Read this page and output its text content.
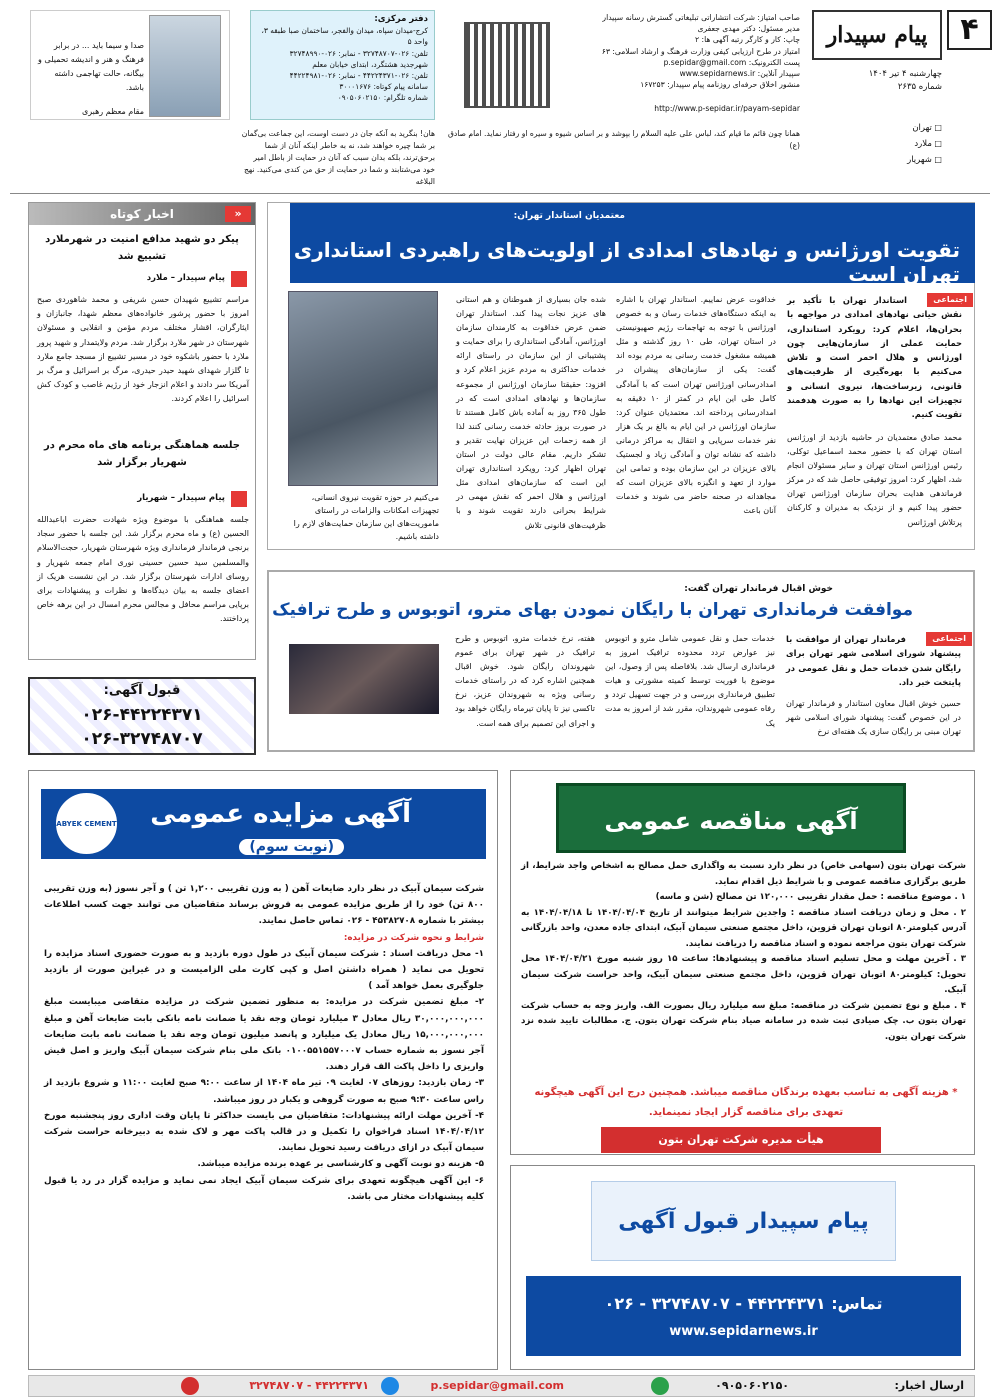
۴
پیام سپیدار
چهارشنبه ۴ تیر ۱۴۰۴
شماره ۲۶۳۵
□ تهران
□ ملارد
□ شهریار
صاحب امتیاز: شرکت انتشاراتی تبلیغاتی گسترش رسانه سپیدار
مدیر مسئول: دکتر مهدی جعفری
چاپ: کار و کارگر رتبه آگهی ها: ۲
امتیاز در طرح ارزیابی کیفی وزارت فرهنگ و ارشاد اسلامی: ۶۳
پست الکترونیک: p.sepidar@gmail.com
سپیدار آنلاین: www.sepidarnews.ir
منشور اخلاق حرفه‌ای روزنامه پیام سپیدار: ۱۶۷۲۵۳
http://www.p-sepidar.ir/payam-sepidar
دفتر مرکزی:
کرج-میدان سپاه، میدان والفجر، ساختمان صبا طبقه ۳، واحد ۵
تلفن: ۰۲۶-۳۲۷۴۸۷۰۷ - نمابر: ۰۲۶-۳۲۷۴۸۹۹۰
شهرجدید هشتگرد، ابتدای خیابان معلم
تلفن: ۰۲۶-۴۴۲۲۴۳۷۱ - نمابر: ۰۲۶-۴۴۲۲۴۹۸۱
سامانه پیام کوتاه: ۳۰۰۰۱۶۷۶
شماره تلگرام: ۰۹۰۵۰۶۰۲۱۵۰
صدا و سیما باید ... در برابر فرهنگ و هنر و اندیشه تحمیلی و بیگانه، حالت تهاجمی داشته باشد.
مقام معظم رهبری
هان! بنگرید به آنکه جان در دست اوست، این جماعت بی‌گمان بر شما چیره خواهند شد، نه به خاطر اینکه آنان از شما برحق‌ترند، بلکه بدان سبب که آنان در حمایت از باطل امیر خود می‌شتابند و شما در حمایت از حق من کندی می‌کنید. نهج البلاغه
همانا چون قائم ما قیام کند، لباس علی علیه السلام را بپوشد و بر اساس شیوه و سیره او رفتار نماید. امام صادق (ع)
«
اخبار کوتاه
پیکر دو شهید مدافع امنیت در شهرملارد تشییع شد
پیام سپیدار – ملارد
مراسم تشییع شهیدان حسن شریفی و محمد شاهوردی صبح امروز با حضور پرشور خانواده‌های معظم شهدا، جانبازان و ایثارگران، اقشار مختلف مردم مؤمن و انقلابی و مسئولان شهرستان در شهر ملارد برگزار شد. مردم ولایتمدار و شهید پرور ملارد با حضور باشکوه خود در مسیر تشییع از مسجد جامع ملارد تا گلزار شهدای شهید حیدر حیدری، مرگ بر اسرائیل و مرگ بر آمریکا سر دادند و اعلام انزجار خود از رژیم غاصب و کودک کش اسرائیل را اعلام کردند.
جلسه هماهنگی برنامه های ماه محرم در شهریار برگزار شد
پیام سپیدار – شهریار
جلسه هماهنگی با موضوع ویژه شهادت حضرت اباعبدالله الحسین (ع) و ماه محرم برگزار شد. این جلسه با حضور سجاد برنجی فرماندار فرمانداری ویژه شهرستان شهریار، حجت‌الاسلام والمسلمین سید حسین حسینی نوری امام جمعه شهریار و روسای ادارات شهرستان برگزار شد. در این نشست هریک از اعضای جلسه به بیان دیدگاه‌ها و نظرات و پیشنهادات برای برپایی مراسم محافل و مجالس محرم امسال در این برهه خاص پرداختند.
قبول آگهی:
۰۲۶-۴۴۲۲۴۳۷۱
۰۲۶-۳۲۷۴۸۷۰۷
معتمدیان استاندار تهران:
تقویت اورژانس و نهادهای امدادی از اولویت‌های راهبردی استانداری تهران است
اجتماعی
استاندار تهران با تأکید بر نقش حیاتی نهادهای امدادی در مواجهه با بحران‌ها، اعلام کرد: رویکرد استانداری، حمایت عملی از سازمان‌هایی چون اورژانس و هلال احمر است و تلاش می‌کنیم با بهره‌گیری از ظرفیت‌های قانونی، زیرساخت‌ها، نیروی انسانی و تجهیزات این نهادها را به صورت هدفمند تقویت کنیم.
محمد صادق معتمدیان در حاشیه بازدید از اورژانس استان تهران که با حضور محمد اسماعیل توکلی، رئیس اورژانس استان تهران و سایر مسئولان انجام شد، اظهار کرد: امروز توفیقی حاصل شد که در مرکز فرماندهی هدایت بحران سازمان اورژانس تهران حضور پیدا کنیم و از نزدیک به مدیران و کارکنان پرتلاش اورژانس
خداقوت عرض نماییم. استاندار تهران با اشاره به اینکه دستگاه‌های خدمات رسان و به خصوص اورژانس با توجه به تهاجمات رژیم صهیونیستی در استان تهران، طی ۱۰ روز گذشته و مثل همیشه مشغول خدمت رسانی به مردم بوده اند گفت: یکی از سازمان‌های پیشران در امدادرسانی اورژانس تهران است که با آمادگی کامل طی این ایام در کمتر از ۱۰ دقیقه به امدادرسانی پرداخته اند. معتمدیان عنوان کرد: سازمان اورژانس در این ایام به بالغ بر یک هزار نفر خدمات سرپایی و انتقال به مراکز درمانی داشته که نشانه توان و آمادگی زیاد و لجستیک بالای عزیزان در این سازمان بوده و تمامی این موارد از تعهد و انگیزه بالای عزیزان است که مجاهدانه در صحنه حاضر می شوند و خدمات آنان باعث
شده جان بسیاری از هموطنان و هم استانی های عزیز نجات پیدا کند. استاندار تهران ضمن عرض خداقوت به کارمندان سازمان اورژانس، آمادگی استانداری را برای حمایت و پشتیبانی از این سازمان در راستای ارائه خدمات حداکثری به مردم عزیز اعلام کرد و افزود: حقیقتا سازمان اورژانس از مجموعه سازمان‌ها و نهادهای امدادی است که در طول ۳۶۵ روز به آماده باش کامل هستند تا در صورت بروز حادثه خدمت رسانی کنند لذا از همه زحمات این عزیزان نهایت تقدیر و تشکر داریم. مقام عالی دولت در استان تهران اظهار کرد: رویکرد استانداری تهران این است که سازمان‌های امدادی مثل اورژانس و هلال احمر که نقش مهمی در شرایط بحرانی دارند تقویت شوند و با ظرفیت‌های قانونی تلاش
می‌کنیم در حوزه تقویت نیروی انسانی، تجهیزات امکانات والزامات در راستای ماموریت‌های این سازمان حمایت‌های لازم را داشته باشیم.
خوش اقبال فرماندار تهران گفت:
موافقت فرمانداری تهران با رایگان نمودن بهای مترو، اتوبوس و طرح ترافیک
اجتماعی
فرماندار تهران از موافقت با پیشنهاد شورای اسلامی شهر تهران برای رایگان شدن خدمات حمل و نقل عمومی در پایتخت خبر داد.
حسین خوش اقبال معاون استاندار و فرماندار تهران در این خصوص گفت: پیشنهاد شورای اسلامی شهر تهران مبنی بر رایگان سازی یک هفته‌ای نرخ
خدمات حمل و نقل عمومی شامل مترو و اتوبوس نیز عوارض تردد محدوده ترافیک امروز به فرمانداری ارسال شد. بلافاصله پس از وصول، این موضوع با فوریت توسط کمیته مشورتی و هیات تطبیق فرمانداری بررسی و در جهت تسهیل تردد و رفاه عمومی شهروندان، مقرر شد از امروز به مدت یک
هفته، نرخ خدمات مترو، اتوبوس و طرح ترافیک در شهر تهران برای عموم شهروندان رایگان شود. خوش اقبال همچنین اشاره کرد که در راستای خدمات رسانی ویژه به شهروندان عزیز، نرخ تاکسی نیز تا پایان تیرماه رایگان خواهد بود و اجرای این تصمیم برای همه است.
آگهی مزایده عمومی
(نوبت سوم)
ABYEK CEMENT
شرکت سیمان آبیک در نظر دارد ضایعات آهن ( به وزن تقریبی ۱,۲۰۰ تن ) و آجر نسوز (به وزن تقریبی ۸۰۰ تن) خود را از طریق مزایده عمومی به فروش برساند متقاضیان می توانند جهت کسب اطلاعات بیشتر با شماره ۴۵۳۸۲۷۰۸ - ۰۲۶ تماس حاصل نمایند.
شرایط و نحوه شرکت در مزایده:
۱- محل دریافت اسناد : شرکت سیمان آبیک در طول دوره بازدید و به صورت حضوری اسناد مزایده را تحویل می نماید ( همراه داشتن اصل و کپی کارت ملی الزامیست و در غیراین صورت از بازدید جلوگیری بعمل خواهد آمد )
۲- مبلغ تضمین شرکت در مزایده: به منظور تضمین شرکت در مزایده متقاضی میبایست مبلغ ۳۰,۰۰۰,۰۰۰,۰۰۰ ریال معادل ۳ میلیارد تومان وجه نقد یا ضمانت نامه بانکی بابت ضایعات آهن و مبلغ ۱۵,۰۰۰,۰۰۰,۰۰۰ ریال معادل یک میلیارد و پانصد میلیون تومان وجه نقد یا ضمانت نامه بابت ضایعات آجر نسوز به شماره حساب ۰۱۰۰۵۵۱۵۵۷۰۰۰۷ بانک ملی بنام شرکت سیمان آبیک واریز و اصل فیش واریزی را داخل پاکت الف قرار دهند.
۳- زمان بازدید: روزهای ۰۷ لغایت ۰۹ تیر ماه ۱۴۰۴ از ساعت ۹:۰۰ صبح لغایت ۱۱:۰۰ و شروع بازدید از راس ساعت ۹:۳۰ صبح به صورت گروهی و یکبار در روز میباشد.
۴- آخرین مهلت ارائه پیشنهادات: متقاضیان می بایست حداکثر تا پایان وقت اداری روز پنجشنبه مورخ ۱۴۰۴/۰۴/۱۲ اسناد فراخوان را تکمیل و در قالب پاکت مهر و لاک شده به دبیرخانه حراست شرکت سیمان آبیک در ازای دریافت رسید تحویل نمایند.
۵- هزینه دو نوبت آگهی و کارشناسی بر عهده برنده مزایده میباشد.
۶- این آگهی هیچگونه تعهدی برای شرکت سیمان آبیک ایجاد نمی نماید و مزایده گزار در رد یا قبول کلیه پیشنهادات مختار می باشد.
آگهی مناقصه عمومی
شرکت تهران بتون (سهامی خاص) در نظر دارد نسبت به واگذاری حمل مصالح به اشخاص واجد شرایط، از طریق برگزاری مناقصه عمومی و با شرایط ذیل اقدام نماید.
۱ . موضوع مناقصه : حمل مقدار تقریبی ۱۲۰,۰۰۰ تن مصالح (شن و ماسه)
۲ . محل و زمان دریافت اسناد مناقصه : واجدین شرایط میتوانند از تاریخ ۱۴۰۴/۰۴/۰۴ تا ۱۴۰۴/۰۴/۱۸ به آدرس کیلومتر۸۰ اتوبان تهران قزوین، داخل مجتمع صنعتی سیمان آبیک، ابتدای جاده معدن، واحد بازرگانی شرکت تهران بتون مراجعه نموده و اسناد مناقصه را دریافت نمایند.
۳ . آخرین مهلت و محل تسلیم اسناد مناقصه و پیشنهادها: ساعت ۱۵ روز شنبه مورخ ۱۴۰۴/۰۴/۲۱ محل تحویل: کیلومتر۸۰ اتوبان تهران قزوین، داخل مجتمع صنعتی سیمان آبیک، واحد حراست شرکت سیمان آبیک.
۴ . مبلغ و نوع تضمین شرکت در مناقصه: مبلغ سه میلیارد ریال بصورت الف. واریز وجه به حساب شرکت تهران بتون ب. چک صیادی ثبت شده در سامانه صیاد بنام شرکت تهران بتون. ج. مطالبات تایید شده نزد شرکت تهران بتون.
* هزینه آگهی به تناسب بعهده برندگان مناقصه میباشد. همچنین درج این آگهی هیچگونه تعهدی برای مناقصه گزار ایجاد نمینماید.
هیأت مدیره شرکت تهران بتون
پیام سپیدار قبول آگهی
تماس: ۴۴۲۲۴۳۷۱ - ۳۲۷۴۸۷۰۷ - ۰۲۶
www.sepidarnews.ir
ارسال اخبار:
۰۹۰۵۰۶۰۲۱۵۰
p.sepidar@gmail.com
۴۴۲۲۴۳۷۱ - ۳۲۷۴۸۷۰۷
